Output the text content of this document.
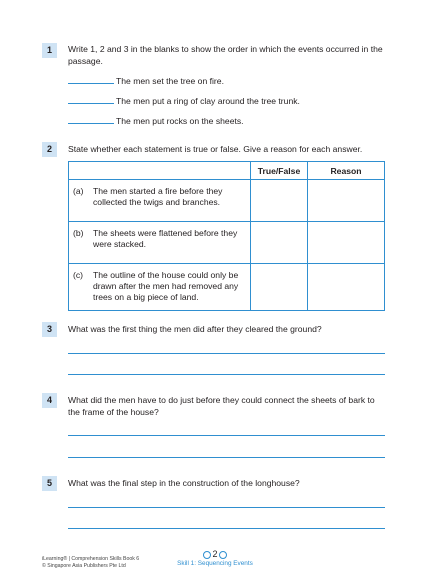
1	Write 1, 2 and 3 in the blanks to show the order in which the events occurred in the passage.
The men set the tree on fire.
The men put a ring of clay around the tree trunk.
The men put rocks on the sheets.
2	State whether each statement is true or false. Give a reason for each answer.
	True/False	Reason

(a) The men started a fire before they collected the twigs and branches.		

(b) The sheets were flattened before they were stacked.		

(c) The outline of the house could only be drawn after the men had removed any trees on a big piece of land.		

3	What was the first thing the men did after they cleared the ground?
4	What did the men have to do just before they could connect the sheets of bark to the frame of the house?
5	What was the final step in the construction of the longhouse?
iLearning® | Comprehension Skills Book 6
© Singapore Asia Publishers Pte Ltd
2
Skill 1: Sequencing Events
